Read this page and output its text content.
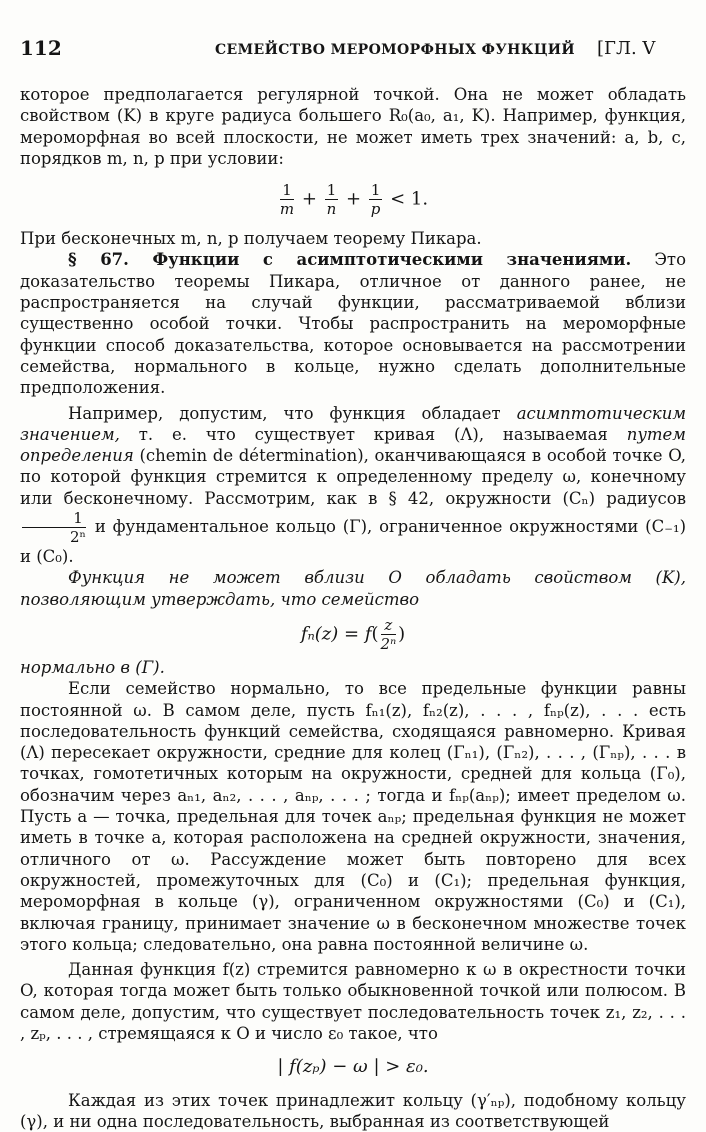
112	СЕМЕЙСТВО МЕРОМОРФНЫХ ФУНКЦИЙ [ГЛ. V

которое предполагается регулярной точкой. Она не может обладать свойством (K) в круге радиуса большего R₀(a₀, a₁, K). Например, функция, мероморфная во всей плоскости, не может иметь трех значений: a, b, c, порядков m, n, p при условии:

$\frac{1}{m} + \frac{1}{n} + \frac{1}{p} < 1$.

При бесконечных m, n, p получаем теорему Пикара.

§ 67. Функции с асимптотическими значениями. Это доказательство теоремы Пикара, отличное от данного ранее, не распространяется на случай функции, рассматриваемой вблизи существенно особой точки. Чтобы распространить на мероморфные функции способ доказательства, которое основывается на рассмотрении семейства, нормального в кольце, нужно сделать дополнительные предположения.

Например, допустим, что функция обладает асимптотическим значением, т. е. что существует кривая (Λ), называемая путем определения (chemin de détermination), оканчивающаяся в особой точке O, по которой функция стремится к определенному пределу ω, конечному или бесконечному. Рассмотрим, как в § 42, окружности (Cₙ) радиусов
$\frac{1}{\text{2ⁿ}}$ и фундаментальное кольцо (Γ), ограниченное окружностями (C₋₁) и (C₀).

Функция не может вблизи O обладать свойством (K), позволяющим утверждать, что семейство

$f_n(z) = f( \frac{z}{\text{2ⁿ}}$ )

нормально в (Γ).

Если семейство нормально, то все предельные функции равны постоянной ω. В самом деле, пусть fₙ₁(z), fₙ₂(z), . . . , fₙₚ(z), . . . есть последовательность функций семейства, сходящаяся равномерно. Кривая (Λ) пересекает окружности, средние для колец (Γₙ₁), (Γₙ₂), . . . , (Γₙₚ), . . . в точках, гомотетичных которым на окружности, средней для кольца (Γ₀), обозначим через aₙ₁, aₙ₂, . . . , aₙₚ, . . . ; тогда и fₙₚ(aₙₚ); имеет пределом ω. Пусть a — точка, предельная для точек aₙₚ; предельная функция не может иметь в точке a, которая расположена на средней окружности, значения, отличного от ω. Рассуждение может быть повторено для всех окружностей, промежуточных для (C₀) и (C₁); предельная функция, мероморфная в кольце (γ), ограниченном окружностями (C₀) и (C₁), включая границу, принимает значение ω в бесконечном множестве точек этого кольца; следовательно, она равна постоянной величине ω.

Данная функция f(z) стремится равномерно к ω в окрестности точки O, которая тогда может быть только обыкновенной точкой или полюсом. В самом деле, допустим, что существует последовательность точек z₁, z₂, . . . , zₚ, . . . , стремящаяся к O и число ε₀ такое, что

| f(zₚ) − ω | > ε₀.

Каждая из этих точек принадлежит кольцу (γ′ₙₚ), подобному кольцу (γ), и ни одна последовательность, выбранная из соответствующей
